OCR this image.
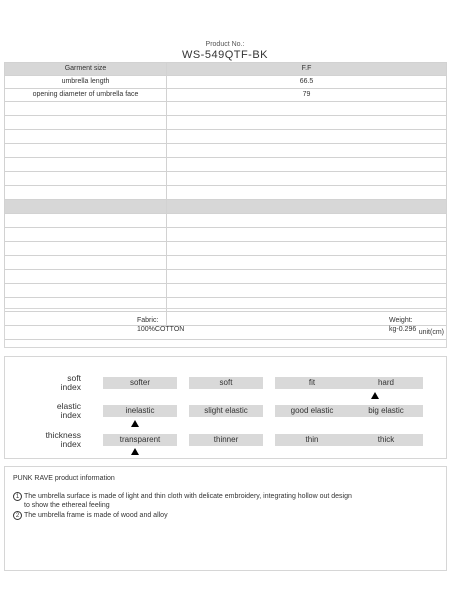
Product No.:
WS-549QTF-BK
Garment size	F.F
umbrella length	66.5
opening diameter of umbrella face	79

unit(cm)	
Fabric:
100%COTTON
Weight:
kg-0.296
soft
index	softer	soft	fit	hard
elastic
index	inelastic	slight elastic	good elastic	big elastic
thickness
index	transparent	thinner	thin	thick
PUNK RAVE product information
1 The umbrella surface is made of light and thin cloth with delicate embroidery, integrating hollow out design
to show the ethereal feeling
2 The umbrella frame is made of wood and alloy
